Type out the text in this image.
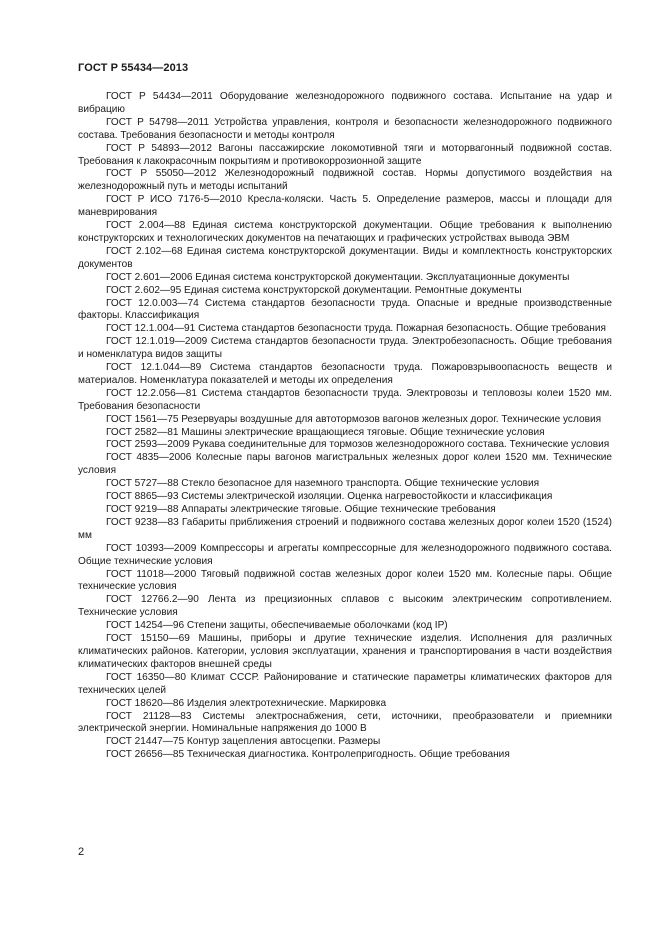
ГОСТ Р 55434—2013

ГОСТ Р 54434—2011 Оборудование железнодорожного подвижного состава. Испытание на удар и вибрацию

ГОСТ Р 54798—2011 Устройства управления, контроля и безопасности железнодорожного подвижного состава. Требования безопасности и методы контроля

ГОСТ Р 54893—2012 Вагоны пассажирские локомотивной тяги и моторвагонный подвижной состав. Требования к лакокрасочным покрытиям и противокоррозионной защите

ГОСТ Р 55050—2012 Железнодорожный подвижной состав. Нормы допустимого воздействия на железнодорожный путь и методы испытаний

ГОСТ Р ИСО 7176-5—2010 Кресла-коляски. Часть 5. Определение размеров, массы и площади для маневрирования

ГОСТ 2.004—88 Единая система конструкторской документации. Общие требования к выполнению конструкторских и технологических документов на печатающих и графических устройствах вывода ЭВМ

ГОСТ 2.102—68 Единая система конструкторской документации. Виды и комплектность конструкторских документов

ГОСТ 2.601—2006 Единая система конструкторской документации. Эксплуатационные документы

ГОСТ 2.602—95 Единая система конструкторской документации. Ремонтные документы

ГОСТ 12.0.003—74 Система стандартов безопасности труда. Опасные и вредные производственные факторы. Классификация

ГОСТ 12.1.004—91 Система стандартов безопасности труда. Пожарная безопасность. Общие требования

ГОСТ 12.1.019—2009 Система стандартов безопасности труда. Электробезопасность. Общие требования и номенклатура видов защиты

ГОСТ 12.1.044—89 Система стандартов безопасности труда. Пожаровзрывоопасность веществ и материалов. Номенклатура показателей и методы их определения

ГОСТ 12.2.056—81 Система стандартов безопасности труда. Электровозы и тепловозы колеи 1520 мм. Требования безопасности

ГОСТ 1561—75 Резервуары воздушные для автотормозов вагонов железных дорог. Технические условия

ГОСТ 2582—81 Машины электрические вращающиеся тяговые. Общие технические условия

ГОСТ 2593—2009 Рукава соединительные для тормозов железнодорожного состава. Технические условия

ГОСТ 4835—2006 Колесные пары вагонов магистральных железных дорог колеи 1520 мм. Технические условия

ГОСТ 5727—88 Стекло безопасное для наземного транспорта. Общие технические условия

ГОСТ 8865—93 Системы электрической изоляции. Оценка нагревостойкости и классификация

ГОСТ 9219—88 Аппараты электрические тяговые. Общие технические требования

ГОСТ 9238—83 Габариты приближения строений и подвижного состава железных дорог колеи 1520 (1524) мм

ГОСТ 10393—2009 Компрессоры и агрегаты компрессорные для железнодорожного подвижного состава. Общие технические условия

ГОСТ 11018—2000 Тяговый подвижной состав железных дорог колеи 1520 мм. Колесные пары. Общие технические условия

ГОСТ 12766.2—90 Лента из прецизионных сплавов с высоким электрическим сопротивлением. Технические условия

ГОСТ 14254—96 Степени защиты, обеспечиваемые оболочками (код IP)

ГОСТ 15150—69 Машины, приборы и другие технические изделия. Исполнения для различных климатических районов. Категории, условия эксплуатации, хранения и транспортирования в части воздействия климатических факторов внешней среды

ГОСТ 16350—80 Климат СССР. Районирование и статические параметры климатических факторов для технических целей

ГОСТ 18620—86 Изделия электротехнические. Маркировка

ГОСТ 21128—83 Системы электроснабжения, сети, источники, преобразователи и приемники электрической энергии. Номинальные напряжения до 1000 В

ГОСТ 21447—75 Контур зацепления автосцепки. Размеры

ГОСТ 26656—85 Техническая диагностика. Контролепригодность. Общие требования

2
